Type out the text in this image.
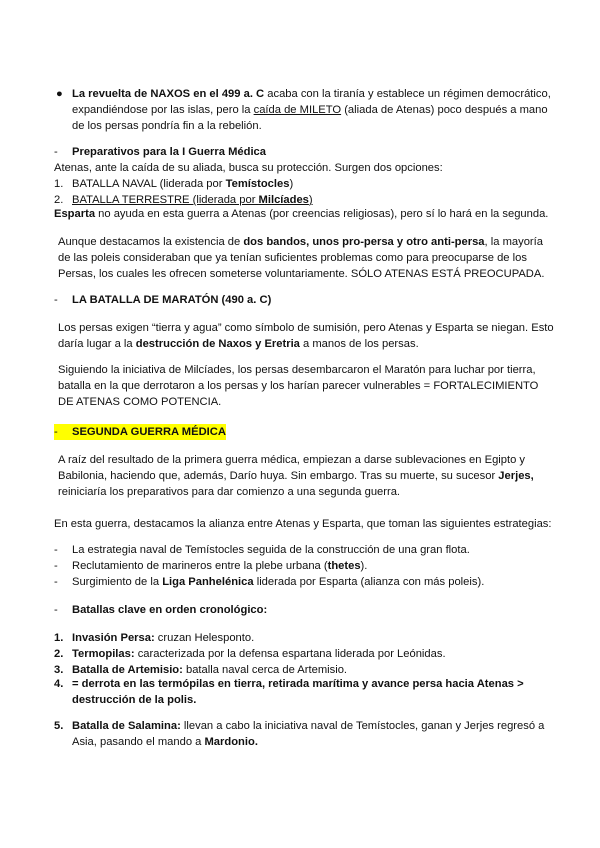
● La revuelta de NAXOS en el 499 a. C acaba con la tiranía y establece un régimen democrático,
expandiéndose por las islas, pero la caída de MILETO (aliada de Atenas) poco después a mano
de los persas pondría fin a la rebelión.
- Preparativos para la I Guerra Médica
Atenas, ante la caída de su aliada, busca su protección. Surgen dos opciones:
1. BATALLA NAVAL (liderada por Temístocles)
2. BATALLA TERRESTRE (liderada por Milcíades)
Esparta no ayuda en esta guerra a Atenas (por creencias religiosas), pero sí lo hará en la segunda.
Aunque destacamos la existencia de dos bandos, unos pro-persa y otro anti-persa, la mayoría
de las poleis consideraban que ya tenían suficientes problemas como para preocuparse de los
Persas, los cuales les ofrecen someterse voluntariamente. SÓLO ATENAS ESTÁ PREOCUPADA.
- LA BATALLA DE MARATÓN (490 a. C)
Los persas exigen “tierra y agua” como símbolo de sumisión, pero Atenas y Esparta se niegan. Esto
daría lugar a la destrucción de Naxos y Eretria a manos de los persas.
Siguiendo la iniciativa de Milcíades, los persas desembarcaron el Maratón para luchar por tierra,
batalla en la que derrotaron a los persas y los harían parecer vulnerables = FORTALECIMIENTO
DE ATENAS COMO POTENCIA.
- SEGUNDA GUERRA MÉDICA
A raíz del resultado de la primera guerra médica, empiezan a darse sublevaciones en Egipto y
Babilonia, haciendo que, además, Darío huya. Sin embargo. Tras su muerte, su sucesor Jerjes,
reiniciaría los preparativos para dar comienzo a una segunda guerra.
En esta guerra, destacamos la alianza entre Atenas y Esparta, que toman las siguientes estrategias:
- La estrategia naval de Temístocles seguida de la construcción de una gran flota.
- Reclutamiento de marineros entre la plebe urbana (thetes).
- Surgimiento de la Liga Panhelénica liderada por Esparta (alianza con más poleis).
- Batallas clave en orden cronológico:
1. Invasión Persa: cruzan Helesponto.
2. Termopilas: caracterizada por la defensa espartana liderada por Leónidas.
3. Batalla de Artemisio: batalla naval cerca de Artemisio.
4. = derrota en las termópilas en tierra, retirada marítima y avance persa hacia Atenas >
destrucción de la polis.
5. Batalla de Salamina: llevan a cabo la iniciativa naval de Temístocles, ganan y Jerjes regresó a
Asia, pasando el mando a Mardonio.
